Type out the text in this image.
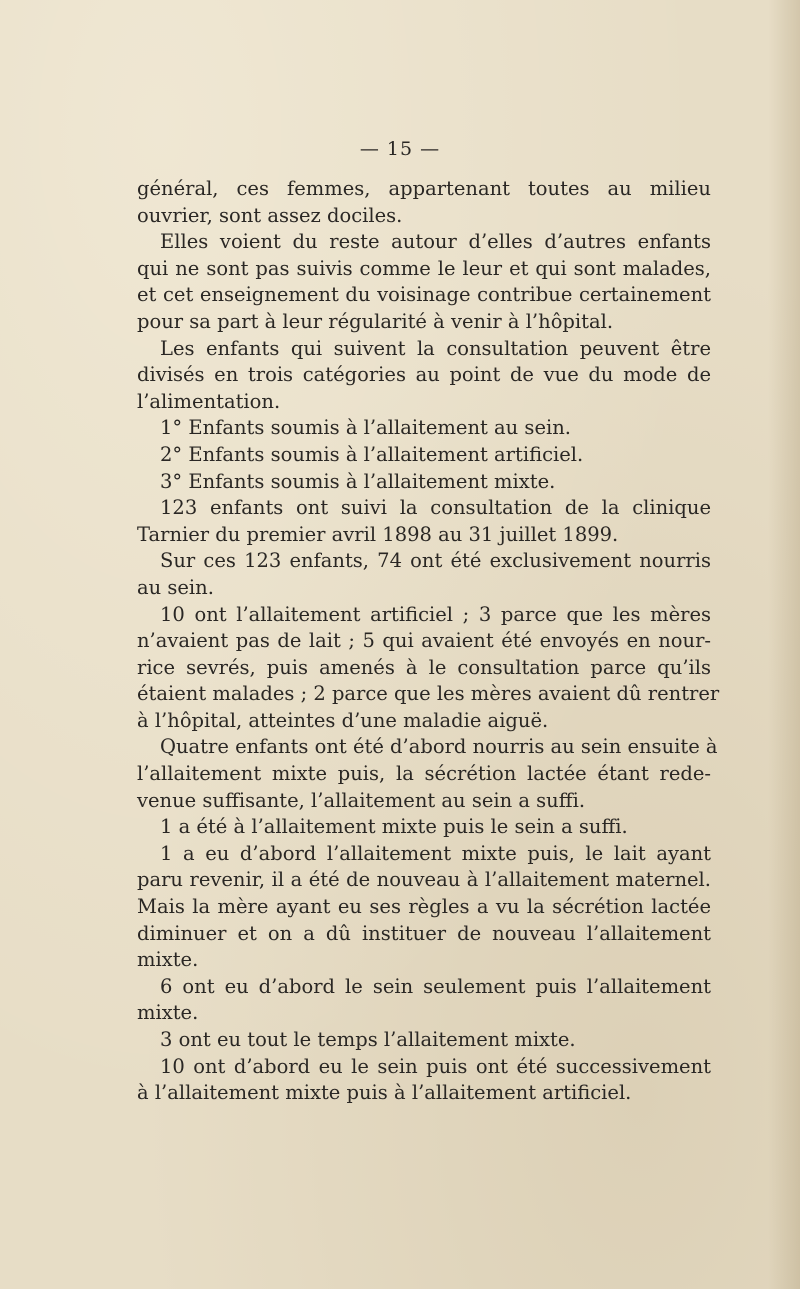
— 15 —
général, ces femmes, appartenant toutes au milieu
ouvrier, sont assez dociles.
Elles voient du reste autour d’elles d’autres enfants
qui ne sont pas suivis comme le leur et qui sont malades,
et cet enseignement du voisinage contribue certainement
pour sa part à leur régularité à venir à l’hôpital.
Les enfants qui suivent la consultation peuvent être
divisés en trois catégories au point de vue du mode de
l’alimentation.
1° Enfants soumis à l’allaitement au sein.
2° Enfants soumis à l’allaitement artificiel.
3° Enfants soumis à l’allaitement mixte.
123 enfants ont suivi la consultation de la clinique
Tarnier du premier avril 1898 au 31 juillet 1899.
Sur ces 123 enfants, 74 ont été exclusivement nourris
au sein.
10 ont l’allaitement artificiel ; 3 parce que les mères
n’avaient pas de lait ; 5 qui avaient été envoyés en nour-
rice sevrés, puis amenés à le consultation parce qu’ils
étaient malades ; 2 parce que les mères avaient dû rentrer
à l’hôpital, atteintes d’une maladie aiguë.
Quatre enfants ont été d’abord nourris au sein ensuite à
l’allaitement mixte puis, la sécrétion lactée étant rede-
venue suffisante, l’allaitement au sein a suffi.
1 a été à l’allaitement mixte puis le sein a suffi.
1 a eu d’abord l’allaitement mixte puis, le lait ayant
paru revenir, il a été de nouveau à l’allaitement maternel.
Mais la mère ayant eu ses règles a vu la sécrétion lactée
diminuer et on a dû instituer de nouveau l’allaitement
mixte.
6 ont eu d’abord le sein seulement puis l’allaitement
mixte.
3 ont eu tout le temps l’allaitement mixte.
10 ont d’abord eu le sein puis ont été successivement
à l’allaitement mixte puis à l’allaitement artificiel.
